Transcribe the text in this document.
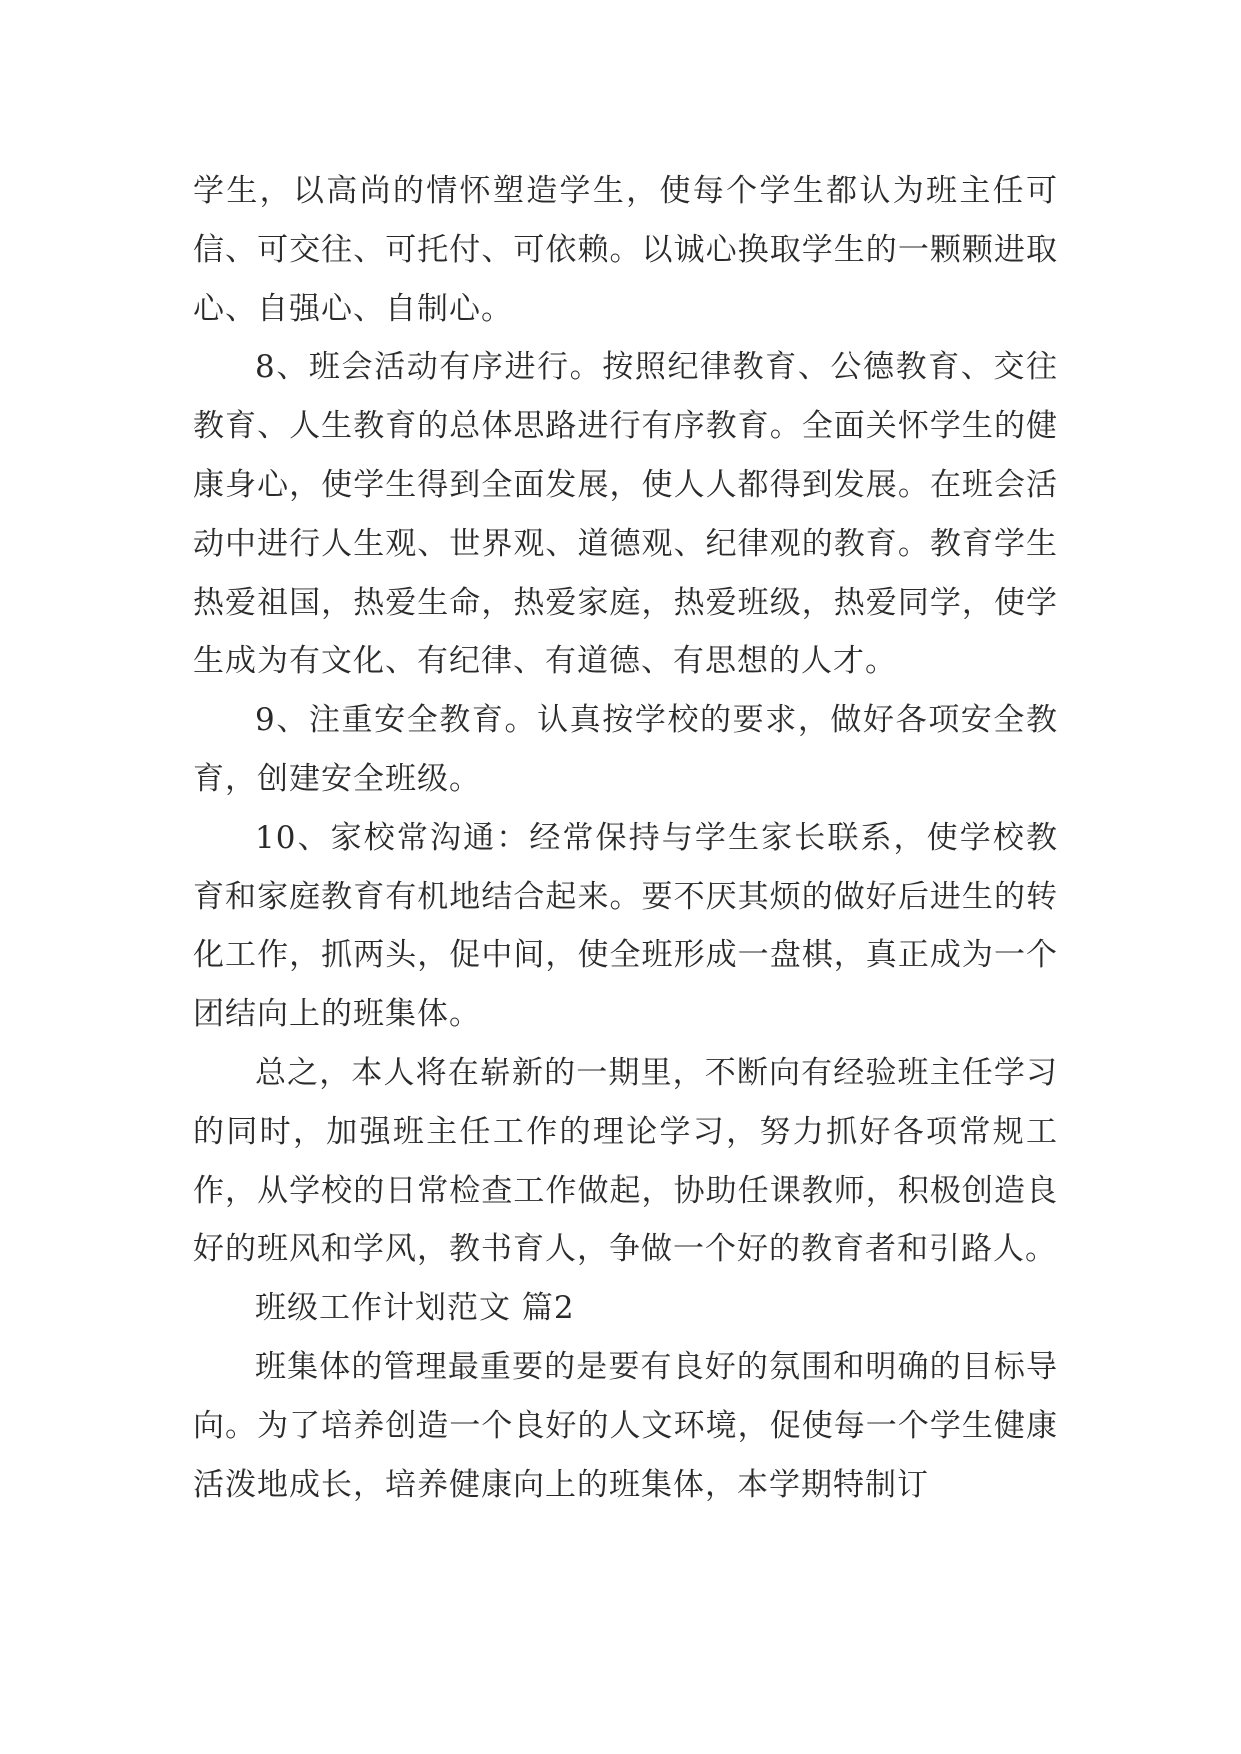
学生，以高尚的情怀塑造学生，使每个学生都认为班主任可信、可交往、可托付、可依赖。以诚心换取学生的一颗颗进取心、自强心、自制心。

8、班会活动有序进行。按照纪律教育、公德教育、交往教育、人生教育的总体思路进行有序教育。全面关怀学生的健康身心，使学生得到全面发展，使人人都得到发展。在班会活动中进行人生观、世界观、道德观、纪律观的教育。教育学生热爱祖国，热爱生命，热爱家庭，热爱班级，热爱同学，使学生成为有文化、有纪律、有道德、有思想的人才。

9、注重安全教育。认真按学校的要求，做好各项安全教育，创建安全班级。

10、家校常沟通：经常保持与学生家长联系，使学校教育和家庭教育有机地结合起来。要不厌其烦的做好后进生的转化工作，抓两头，促中间，使全班形成一盘棋，真正成为一个团结向上的班集体。

总之，本人将在崭新的一期里，不断向有经验班主任学习的同时，加强班主任工作的理论学习，努力抓好各项常规工作，从学校的日常检查工作做起，协助任课教师，积极创造良好的班风和学风，教书育人，争做一个好的教育者和引路人。

班级工作计划范文 篇2

班集体的管理最重要的是要有良好的氛围和明确的目标导向。为了培养创造一个良好的人文环境，促使每一个学生健康活泼地成长，培养健康向上的班集体，本学期特制订
